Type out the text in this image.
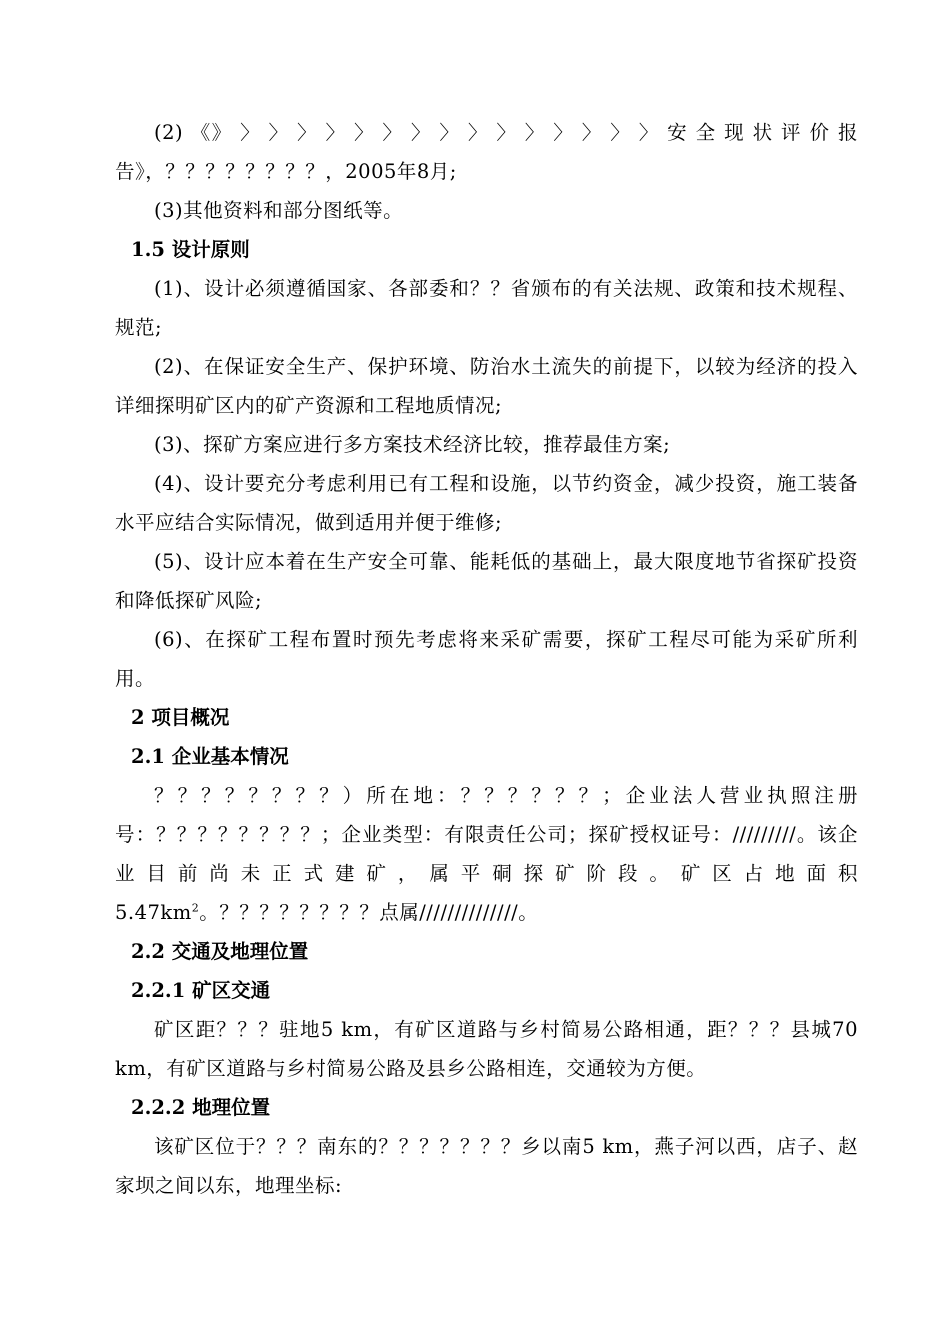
(2) 《》 〉 〉 〉 〉 〉 〉 〉 〉 〉 〉 〉 〉 〉 〉 〉 安 全 现 状 评 价 报

告》，？？？？？？？？，2005年8月;

(3)其他资料和部分图纸等。

1.5 设计原则

(1)、设计必须遵循国家、各部委和？？省颁布的有关法规、政策和技术规程、规范;

(2)、在保证安全生产、保护环境、防治水土流失的前提下，以较为经济的投入详细探明矿区内的矿产资源和工程地质情况;

(3)、探矿方案应进行多方案技术经济比较，推荐最佳方案;

(4)、设计要充分考虑利用已有工程和设施，以节约资金，减少投资，施工装备水平应结合实际情况，做到适用并便于维修;

(5)、设计应本着在生产安全可靠、能耗低的基础上，最大限度地节省探矿投资和降低探矿风险;

(6)、在探矿工程布置时预先考虑将来采矿需要，探矿工程尽可能为采矿所利用。

2 项目概况

2.1 企业基本情况

？？？？？？？？）所在地：？？？？？？；企业法人营业执照注册号：？？？？？？？？；企业类型：有限责任公司；探矿授权证号：/////////。该企业目前尚未正式建矿，属平硐探矿阶段。矿区占地面积$5.47km^2$。？？？？？？？？点属//////////////。

2.2 交通及地理位置

2.2.1 矿区交通

矿区距？？？驻地5 km，有矿区道路与乡村简易公路相通，距？？？县城70 km，有矿区道路与乡村简易公路及县乡公路相连，交通较为方便。

2.2.2 地理位置

该矿区位于？？？南东的？？？？？？？乡以南5 km，燕子河以西，店子、赵家坝之间以东，地理坐标:
